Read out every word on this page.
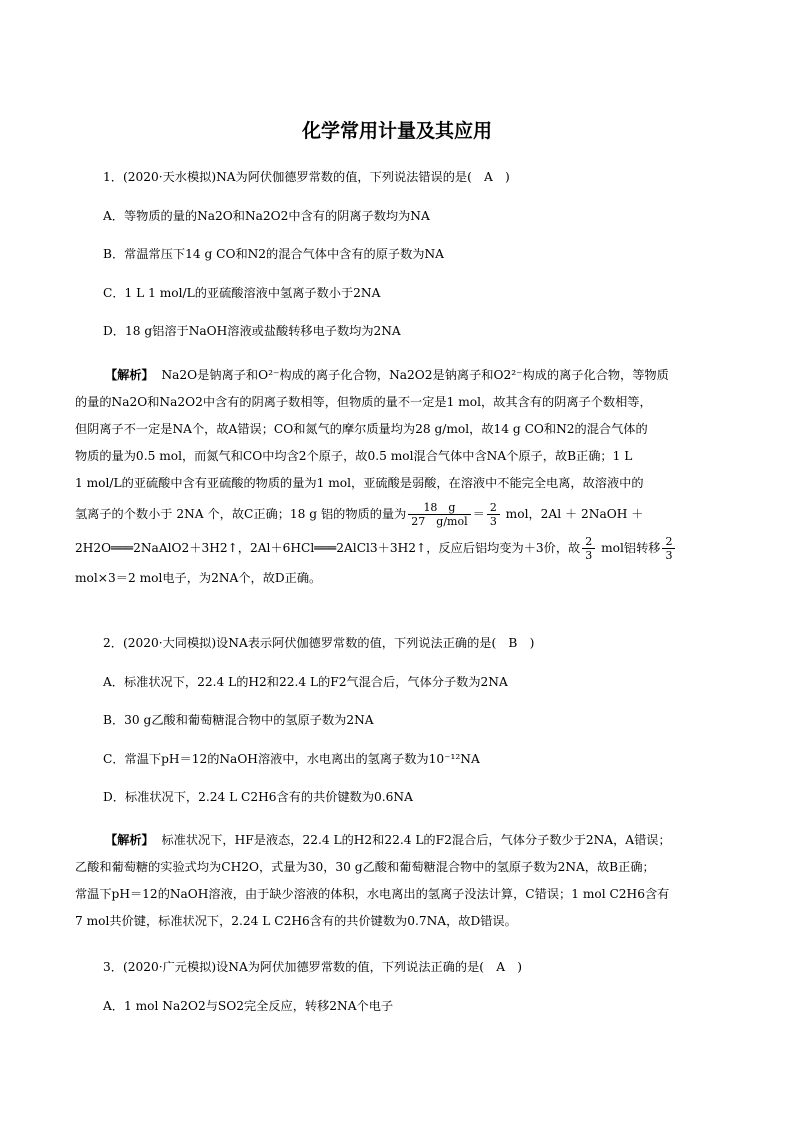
化学常用计量及其应用
1．(2020·天水模拟)NA为阿伏伽德罗常数的值，下列说法错误的是(　A　)
A．等物质的量的Na2O和Na2O2中含有的阴离子数均为NA
B．常温常压下14 g CO和N2的混合气体中含有的原子数为NA
C．1 L 1 mol/L的亚硫酸溶液中氢离子数小于2NA
D．18 g铝溶于NaOH溶液或盐酸转移电子数均为2NA

【解析】 Na2O是钠离子和O²⁻构成的离子化合物，Na2O2是钠离子和O2²⁻构成的离子化合物，等物质

的量的Na2O和Na2O2中含有的阴离子数相等，但物质的量不一定是1 mol，故其含有的阴离子个数相等，

但阴离子不一定是NA个，故A错误；CO和氮气的摩尔质量均为28 g/mol，故14 g CO和N2的混合气体的

物质的量为0.5 mol，而氮气和CO中均含2个原子，故0.5 mol混合气体中含NA个原子，故B正确；1 L

1 mol/L的亚硫酸中含有亚硫酸的物质的量为1 mol，亚硫酸是弱酸，在溶液中不能完全电离，故溶液中的

氢离子的个数小于 2NA 个，故C正确；18 g 铝的物质的量为 $\frac{18 g}{\text{27　g/mol}} = \frac{2}{3}$ mol，2Al ＋ 2NaOH ＋

2H2O═══2NaAlO2＋3H2↑，2Al＋6HCl═══2AlCl3＋3H2↑，反应后铝均变为＋3价，故 $\frac{2}{3}$ mol铝转移 $\frac{2}{3}$

mol×3＝2 mol电子，为2NA个，故D正确。

2．(2020·大同模拟)设NA表示阿伏伽德罗常数的值，下列说法正确的是(　B　)
A．标准状况下，22.4 L的H2和22.4 L的F2气混合后，气体分子数为2NA
B．30 g乙酸和葡萄糖混合物中的氢原子数为2NA
C．常温下pH＝12的NaOH溶液中，水电离出的氢离子数为10⁻¹²NA
D．标准状况下，2.24 L C2H6含有的共价键数为0.6NA

【解析】 标准状况下，HF是液态，22.4 L的H2和22.4 L的F2混合后，气体分子数少于2NA，A错误；

乙酸和葡萄糖的实验式均为CH2O，式量为30，30 g乙酸和葡萄糖混合物中的氢原子数为2NA，故B正确；

常温下pH＝12的NaOH溶液，由于缺少溶液的体积，水电离出的氢离子没法计算，C错误；1 mol C2H6含有

7 mol共价键，标准状况下，2.24 L C2H6含有的共价键数为0.7NA，故D错误。

3．(2020·广元模拟)设NA为阿伏加德罗常数的值，下列说法正确的是(　A　)
A．1 mol Na2O2与SO2完全反应，转移2NA个电子
